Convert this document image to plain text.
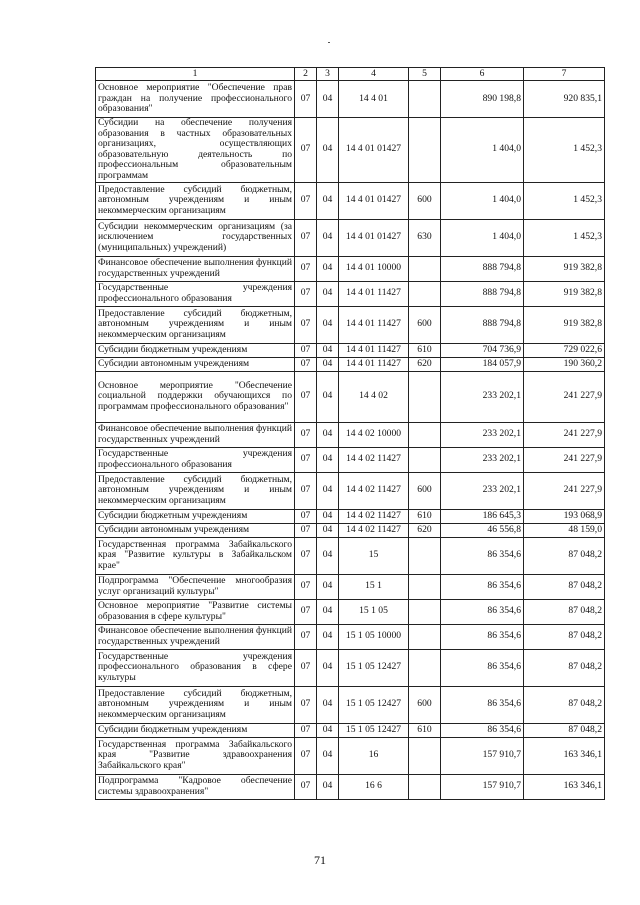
1	2	3	4	5	6	7
Основное мероприятие "Обеспечение прав граждан на получение профессионального образования"	07	04	14 4 01		890 198,8	920 835,1
Субсидии на обеспечение получения образования в частных образовательных организациях, осуществляющих образовательную деятельность по профессиональным образовательным программам	07	04	14 4 01 01427		1 404,0	1 452,3
Предоставление субсидий бюджетным, автономным учреждениям и иным некоммерческим организациям	07	04	14 4 01 01427	600	1 404,0	1 452,3
Субсидии некоммерческим организациям (за исключением государственных (муниципальных) учреждений)	07	04	14 4 01 01427	630	1 404,0	1 452,3
Финансовое обеспечение выполнения функций государственных учреждений	07	04	14 4 01 10000		888 794,8	919 382,8
Государственные учреждения профессионального образования	07	04	14 4 01 11427		888 794,8	919 382,8
Предоставление субсидий бюджетным, автономным учреждениям и иным некоммерческим организациям	07	04	14 4 01 11427	600	888 794,8	919 382,8
Субсидии бюджетным учреждениям	07	04	14 4 01 11427	610	704 736,9	729 022,6
Субсидии автономным учреждениям	07	04	14 4 01 11427	620	184 057,9	190 360,2
Основное мероприятие "Обеспечение социальной поддержки обучающихся по программам профессионального образования"	07	04	14 4 02		233 202,1	241 227,9
Финансовое обеспечение выполнения функций государственных учреждений	07	04	14 4 02 10000		233 202,1	241 227,9
Государственные учреждения профессионального образования	07	04	14 4 02 11427		233 202,1	241 227,9
Предоставление субсидий бюджетным, автономным учреждениям и иным некоммерческим организациям	07	04	14 4 02 11427	600	233 202,1	241 227,9
Субсидии бюджетным учреждениям	07	04	14 4 02 11427	610	186 645,3	193 068,9
Субсидии автономным учреждениям	07	04	14 4 02 11427	620	46 556,8	48 159,0
Государственная программа Забайкальского края "Развитие культуры в Забайкальском крае"	07	04	15		86 354,6	87 048,2
Подпрограмма "Обеспечение многообразия услуг организаций культуры"	07	04	15 1		86 354,6	87 048,2
Основное мероприятие "Развитие системы образования в сфере культуры"	07	04	15 1 05		86 354,6	87 048,2
Финансовое обеспечение выполнения функций государственных учреждений	07	04	15 1 05 10000		86 354,6	87 048,2
Государственные учреждения профессионального образования в сфере культуры	07	04	15 1 05 12427		86 354,6	87 048,2
Предоставление субсидий бюджетным, автономным учреждениям и иным некоммерческим организациям	07	04	15 1 05 12427	600	86 354,6	87 048,2
Субсидии бюджетным учреждениям	07	04	15 1 05 12427	610	86 354,6	87 048,2
Государственная программа Забайкальского края "Развитие здравоохранения Забайкальского края"	07	04	16		157 910,7	163 346,1
Подпрограмма "Кадровое обеспечение системы здравоохранения"	07	04	16 6		157 910,7	163 346,1
71
